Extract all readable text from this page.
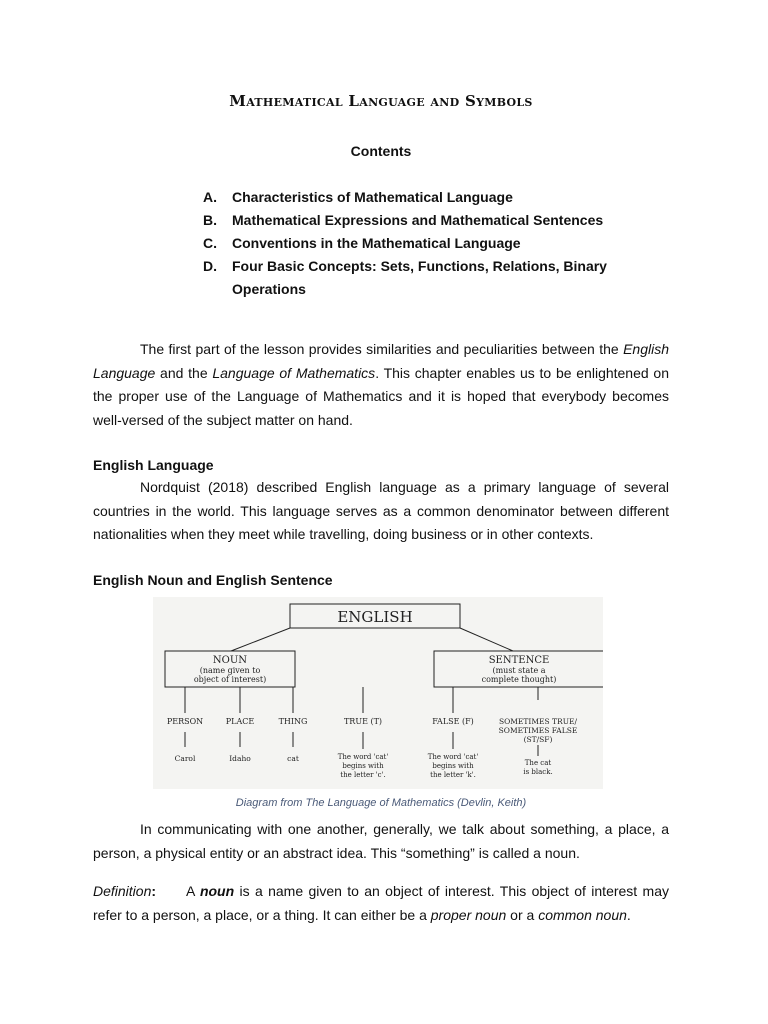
Mathematical Language and Symbols
Contents
A.	Characteristics of Mathematical Language
B.	Mathematical Expressions and Mathematical Sentences
C.	Conventions in the Mathematical Language
D.	Four Basic Concepts: Sets, Functions, Relations, Binary Operations

The first part of the lesson provides similarities and peculiarities between the English Language and the Language of Mathematics. This chapter enables us to be enlightened on the proper use of the Language of Mathematics and it is hoped that everybody becomes well-versed of the subject matter on hand.

English Language

Nordquist (2018) described English language as a primary language of several countries in the world. This language serves as a common denominator between different nationalities when they meet while travelling, doing business or in other contexts.

English Noun and English Sentence
ENGLISH
NOUN
(name given to
object of interest)
SENTENCE
(must state a
complete thought)
PERSON	PLACE	THING
Carol	Idaho	cat
TRUE (T)
The word 'cat'
begins with
the letter 'c'.
FALSE (F)
The word 'cat'
begins with
the letter 'k'.
SOMETIMES TRUE/
SOMETIMES FALSE
(ST/SF)
The cat
is black.
Diagram from The Language of Mathematics (Devlin, Keith)

In communicating with one another, generally, we talk about something, a place, a person, a physical entity or an abstract idea. This “something” is called a noun.

Definition: A noun is a name given to an object of interest. This object of interest may refer to a person, a place, or a thing. It can either be a proper noun or a common noun.
